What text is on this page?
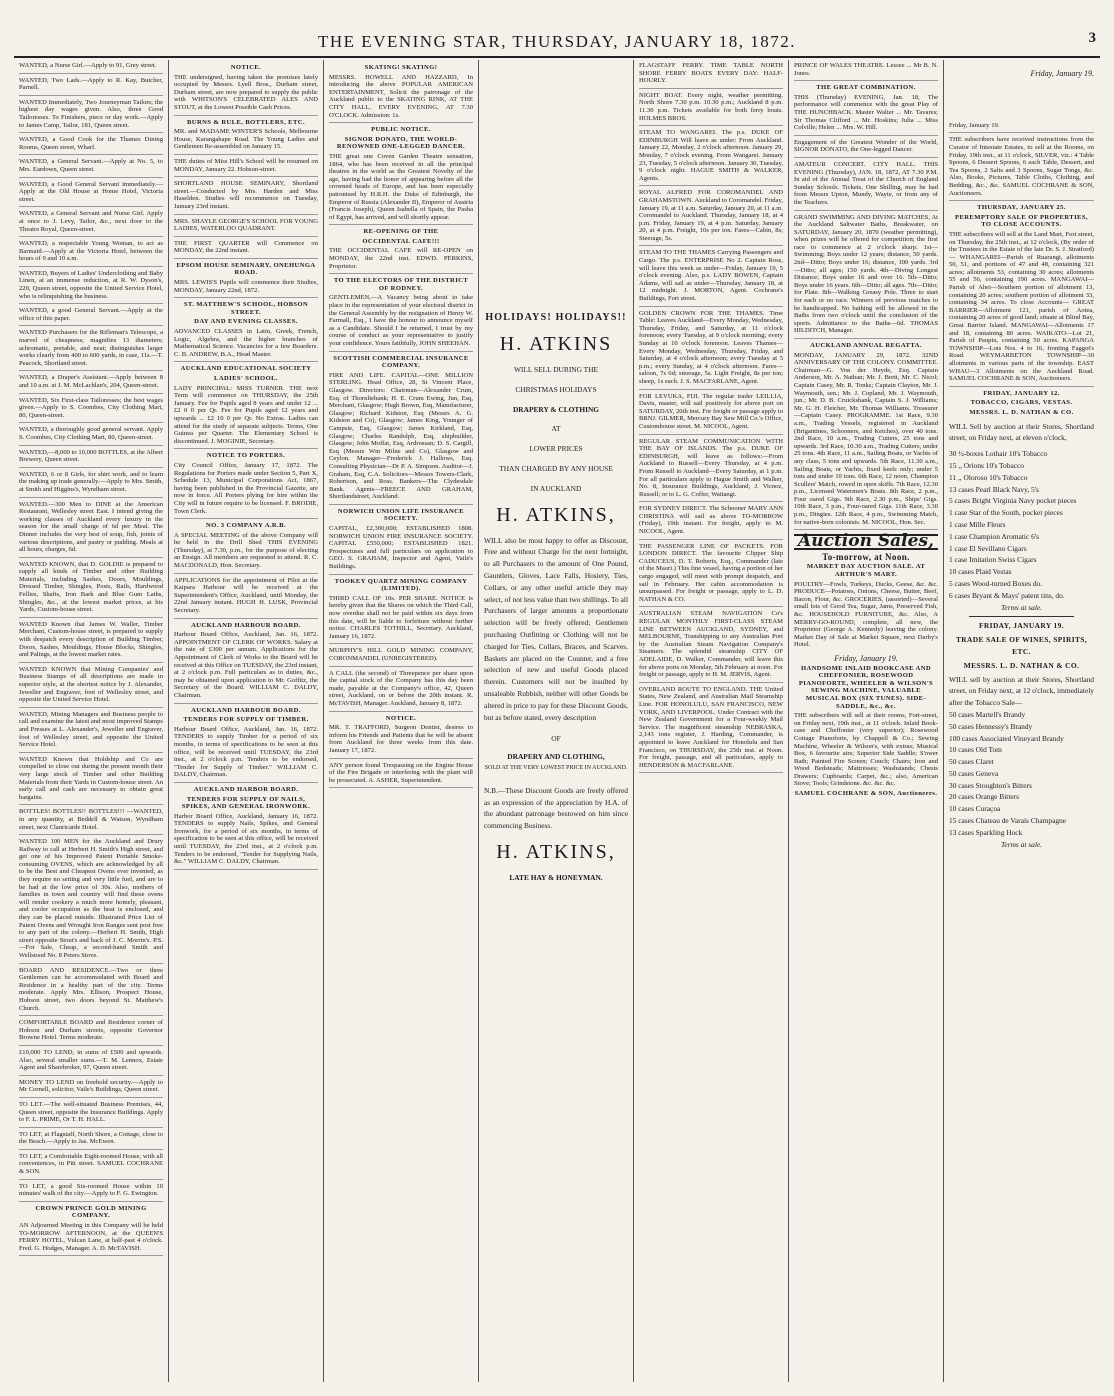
THE EVENING STAR, THURSDAY, JANUARY 18, 1872.	3
WANTED, a Nurse Girl.—Apply to 91, Grey street.
WANTED, Two Lads.—Apply to R. Kay, Butcher, Parnell.
WANTED Immediately, Two Journeyman Tailors; the highest day wages given. Also, three Good Tailoresses. To Finishers, piece or day work.—Apply to James Camp, Tailor, 181, Queen street.
WANTED, a Good Cook for the Thames Dining Rooms, Queen street, Wharf.
WANTED, a General Servant.—Apply at No. 5, to Mrs. Eardown, Queen street.
WANTED, a Good General Servant immediately.—Apply at the Old House at Home Hotel, Victoria street.
WANTED, a General Servant and Nurse Girl. Apply at once to J. Levy, Tailor, &c., next door to the Theatre Royal, Queen-street.
WANTED, a respectable Young Woman, to act as Barmaid.—Apply at the Victoria Hotel, between the hours of 9 and 10 a.m.
WANTED, Buyers of Ladies' Underclothing and Baby Linen, at an immense reduction, at R. W. Dyson's, 220, Queen street, opposite the United Service Hotel, who is relinquishing the business.
WANTED, a good General Servant.—Apply at the office of this paper.
WANTED Purchasers for the Rifleman's Telescope, a marvel of cheapness; magnifies 13 diameters; achromatic, portable, and neat; distinguishes larger works clearly from 400 to 600 yards, in case, 11s.—T. Peacock, Shortland street.
WANTED, a Draper's Assistant.—Apply between 8 and 10 a.m. at J. M. McLachlan's, 204, Queen-street.
WANTED, Six First-class Tailoresses; the best wages given.—Apply to S. Coombes, City Clothing Mart, 80, Queen-street.
WANTED, a thoroughly good general servant. Apply S. Coombes, City Clothing Mart, 80, Queen-street.
WANTED,—8,000 to 10,000 BOTTLES, at the Albert Brewery, Queen street.
WANTED, 6 or 8 Girls, for shirt work, and to learn the making up trade generally.—Apply to Mrs. Smith, at Smith and Higgins's, Wyndham street.
WANTED.—300 Men to DINE at the American Restaurant, Wellesley street East. I intend giving the working classes of Auckland every luxury in the season for the small charge of 6d per Meal. The Dinner includes the very best of soup, fish, joints of various descriptions, and pastry or pudding. Meals at all hours, charges, 6d.
WANTED KNOWN, that D. GOLDIE is prepared to supply all kinds of Timber and other Building Materials, including Sashes, Doors, Mouldings, Dressed Timber, Shingles, Posts, Rails, Hardwood Fellies, Shafts, Iron Bark and Blue Gum Laths, Shingles, &c., at the lowest market prices, at his Yards, Custom-house street.
WANTED Known that James W. Waller, Timber Merchant, Custom-house street, is prepared to supply with despatch every description of Building Timber, Doors, Sashes, Mouldings, House Blocks, Shingles, and Palings, at the lowest market rates.
WANTED KNOWN that Mining Companies' and Business Stamps of all descriptions are made in superior style, at the shortest notice by J. Alexander, Jeweller and Engraver, foot of Wellesley street, and opposite the United Service Hotel.
WANTED, Mining Managers and Business people to call and examine the latest and most improved Stamps and Presses at L. Alexander's, Jeweller and Engraver, foot of Wellesley street, and opposite the United Service Hotel.
WANTED Known that Holdship and Co are compelled to close out during the present month their very large stock of Timber and other Building Materials from their Yards in Custom-house street. An early call and cash are necessary to obtain great bargains.
BOTTLES! BOTTLES!! BOTTLES!!! —WANTED, in any quantity, at Beddell & Watson, Wyndham street, next Clanricarde Hotel.
WANTED 100 MEN for the Auckland and Drury Railway to call at Herbert H. Smith's High street, and get one of his Improved Patent Portable Smoke-consuming OVENS, which are acknowledged by all to be the Best and Cheapest Ovens ever invented, as they require no setting and very little fuel, and are to be had at the low price of 30s. Also, mothers of families in town and country will find these ovens will render cookery a much more homely, pleasant, and cooler occupation as the heat is enclosed, and they can be placed outside. Illustrated Price List of Patent Ovens and Wrought Iron Ranges sent post free to any part of the colony.—Herbert H. Smith, High street opposite Stout's and back of J. C. Morrin's. P.S.—For Sale, Cheap, a second-hand Smith and Wellstood No. 8 Peters Stove.
BOARD AND RESIDENCE.—Two or three Gentlemen can be accommodated with Board and Residence in a healthy part of the city. Terms moderate. Apply Mrs. Ellison, Prospect House, Hobson street, two doors beyond St. Matthew's Church.
COMFORTABLE BOARD and Residence corner of Hobson and Durham streets, opposite Governor Browne Hotel. Terms moderate.
£10,000 TO LEND, in sums of £500 and upwards. Also, several smaller sums.—T. M. Lennox, Estate Agent and Sharebroker, 97, Queen street.
MONEY TO LEND on freehold security.—Apply to Mr Cornell, solicitor, Vaile's Buildings, Queen street.
TO LET.—The well-situated Business Premises, 44, Queen street, opposite the Insurance Buildings. Apply to F. L. PRIME, Or T. H. HALL.
TO LET, at Flagstaff, North Shore, a Cottage, close to the Beach.—Apply to Jas. McEwen.
TO LET, a Comfortable Eight-roomed House, with all conveniences, in Pitt street. SAMUEL COCHRANE & SON.
TO LET, a good Six-roomed House within 10 minutes' walk of the city.—Apply to F. G. Ewington.
CROWN PRINCE GOLD MINING COMPANY.
AN Adjourned Meeting in this Company will be held TO-MORROW AFTERNOON, at the QUEEN'S FERRY HOTEL, Vulcan Lane, at half-past 4 o'clock. Fred. G. Hodges, Manager. A. D. McTAVISH.
NOTICE.
THE undersigned, having taken the premises lately occupied by Messrs. Lyell Bros., Durham street, Durham street, are now prepared to supply the public with WHITSON'S CELEBRATED ALES AND STOUT, at the Lowest Possible Cash Prices.
BURNS & RULE, BOTTLERS, ETC.
MR. and MADAME WINTER'S Schools, Melbourne House, Karangahape Road. The Young Ladies and Gentlemen Re-assembled on January 15.
THE duties of Miss Hill's School will be resumed on MONDAY, January 22. Hobson-street.
SHORTLAND HOUSE SEMINARY, Shortland street.—Conducted by Mrs. Harden and Miss Haselden. Studies will recommence on Tuesday, January 23rd instant.
MRS. SHAYLE GEORGE'S SCHOOL FOR YOUNG LADIES, WATERLOO QUADRANT.
THE FIRST QUARTER will Commence on MONDAY, the 22nd instant.
EPSOM HOUSE SEMINARY, ONEHUNGA ROAD.
MRS. LEWIS'S Pupils will commence their Studies, MONDAY, January 22nd, 1872.
ST. MATTHEW'S SCHOOL, HOBSON STREET.
DAY AND EVENING CLASSES.
ADVANCED CLASSES in Latin, Greek, French, Logic, Algebra, and the higher branches of Mathematical Science. Vacancies for a few Boarders. C. B. ANDREW, B.A., Head Master.
AUCKLAND EDUCATIONAL SOCIETY
LADIES' SCHOOL.
LADY PRINCIPAL: MISS TURNER. THE next Term will commence on THURSDAY, the 25th January. Fee for Pupils aged 8 years and under 12 ... £2 0 0 per Qr. Fee for Pupils aged 12 years and upwards ... £2 10 0 per Qr. No Extras. Ladies can attend for the study of separate subjects. Terms, One Guinea per Quarter. The Elementary School is discontinued. J. MOGINIE, Secretary.
NOTICE TO PORTERS.
City Council Office, January 17, 1872. The Regulations for Porters made under Section 5, Part X, Schedule 13, Municipal Corporations Act, 1867, having been published in the Provincial Gazette, are now in force. All Porters plying for hire within the City will in future require to be licensed. F. BRODIE, Town Clerk.
NO. 3 COMPANY A.R.B.
A SPECIAL MEETING of the above Company will be held in the Drill Shed THIS EVENING (Thursday), at 7.30, p.m., for the purpose of electing an Ensign. All members are requested to attend. R. C. MACDONALD, Hon. Secretary.
APPLICATIONS for the appointment of Pilot at the Kaipara Harbour will be received at the Superintendent's Office, Auckland, until Monday, the 22nd January instant. HUGH H. LUSK, Provincial Secretary.
AUCKLAND HARBOUR BOARD.
Harbour Board Office, Auckland, Jan. 16, 1872. APPOINTMENT OF CLERK OF WORKS. Salary at the rate of £300 per annum. Applications for the Appointment of Clerk of Works to the Board will be received at this Office on TUESDAY, the 23rd instant, at 2 o'clock p.m. Full particulars as to duties, &c., may be obtained upon application to Mr. Goffitz, the Secretary of the Board. WILLIAM C. DALDY, Chairman.
AUCKLAND HARBOUR BOARD.
TENDERS FOR SUPPLY OF TIMBER.
Harbour Board Office, Auckland, Jan. 16, 1872. TENDERS to supply Timber for a period of six months, in terms of specifications to be seen at this office, will be received until TUESDAY, the 23rd inst., at 2 o'clock p.m. Tenders to be endorsed, "Tender for Supply of Timber." WILLIAM C. DALDY, Chairman.
AUCKLAND HARBOR BOARD.
TENDERS FOR SUPPLY OF NAILS, SPIKES, AND GENERAL IRONWORK.
Harbor Board Office, Auckland, January 16, 1872. TENDERS to supply Nails, Spikes, and General Ironwork, for a period of six months, in terms of specification to be seen at this office, will be received until TUESDAY, the 23rd inst., at 2 o'clock p.m. Tenders to be endorsed, "Tender for Supplying Nails, &c." WILLIAM C. DALDY, Chairman.
SKATING! SKATING!
MESSRS. HOWELL AND HAZZARD, In introducing the above POPULAR AMERICAN ENTERTAINMENT, Solicit the patronage of the Auckland public to the SKATING RINK, AT THE CITY HALL, EVERY EVENING, AT 7.30 O'CLOCK. Admission: 1s.
PUBLIC NOTICE.
SIGNOR DONATO, THE WORLD-RENOWNED ONE-LEGGED DANCER.
THE great one Coven Garden Theatre sensation, 1864, who has been received in all the principal theatres in the world as the Greatest Novelty of the age, having had the honor of appearing before all the crowned heads of Europe, and has been especially patronised by H.R.H. the Duke of Edinburgh, the Emperor of Russia (Alexander II), Emperor of Austria (Francis Joseph), Queen Isabella of Spain, the Pasha of Egypt, has arrived, and will shortly appear.
RE-OPENING OF THE
OCCIDENTAL CAFE!!!
THE OCCIDENTAL CAFE will RE-OPEN on MONDAY, the 22nd inst. EDWD. PERKINS, Proprietor.
TO THE ELECTORS OF THE DISTRICT OF RODNEY.
GENTLEMEN,—A Vacancy being about to take place in the representation of your electoral district in the General Assembly by the resignation of Henry W. Farmall, Esq., I have the honour to announce myself as a Candidate. Should I be returned, I trust by my course of conduct as your representative to justify your confidence. Yours faithfully, JOHN SHEEHAN.
SCOTTISH COMMERCIAL INSURANCE COMPANY.
FIRE AND LIFE. CAPITAL—ONE MILLION STERLING. Head Office, 28, St Vincent Place, Glasgow. Directors: Chairman—Alexander Crum, Esq. of Thornliebank; H. E. Crum Ewing, Jun, Esq, Merchant, Glasgow; Hugh Brown, Esq, Manufacturer, Glasgow; Richard Kidston, Esq (Messrs A. G. Kidston and Co), Glasgow; James King, Younger of Campsie, Esq, Glasgow; James Kirkland, Esq, Glasgow; Charles Randolph, Esq, shipbuilder, Glasgow; John Moffat, Esq, Ardrossan; D. S. Cargill, Esq (Messrs Wm Milne and Co), Glasgow and Ceylon. Manager—Frederick J. Hallows, Esq. Consulting Physician—Dr P. A. Simpson. Auditor—J. Graham, Esq, C.A. Solicitors—Messrs Towers-Clark, Robertson, and Ross. Bankers—The Clydesdale Bank. Agents—FREECE AND GRAHAM, Shortlandstreet, Auckland.
NORWICH UNION LIFE INSURANCE SOCIETY.
CAPITAL, £2,300,000; ESTABLISHED 1808. NORWICH UNION FIRE INSURANCE SOCIETY. CAPITAL £550,000; ESTABLISHED 1821. Prospectuses and full particulars on application to GEO. S. GRAHAM, Inspector and Agent, Vaile's Buildings.
TOOKEY QUARTZ MINING COMPANY (LIMITED).
THIRD CALL OF 10s. PER SHARE. NOTICE is hereby given that the Shares on which the Third Call, now overdue shall not be paid within six days from this date, will be liable to forfeiture without further notice. CHARLES TOTHILL, Secretary. Auckland, January 16, 1872.
MURPHY'S HILL GOLD MINING COMPANY, CORONMANDEL (UNREGISTERED).
A CALL (the second) of Threepence per share upon the capital stock of the Company has this day been made, payable at the Company's office, 42, Queen street, Auckland, on or before the 20th instant. R. McTAVISH, Manager. Auckland, January 8, 1872.
NOTICE.
MR. T. TRAFFORD, Surgeon Dentist, desires to inform his Friends and Patients that he will be absent from Auckland for three weeks from this date. January 17, 1872.
ANY person found Trespassing on the Engine House of the Fire Brigade or interfering with the plant will be prosecuted. A. ASHER, Superintendent.
HOLIDAYS! HOLIDAYS!!
H. ATKINS
WILL SELL DURING THE
CHRISTMAS HOLIDAYS
DRAPERY & CLOTHING
AT
LOWER PRICES
THAN CHARGED BY ANY HOUSE
IN AUCKLAND
H. ATKINS,

WILL also be most happy to offer as Discount, Free and without Charge for the next fortnight, to all Purchasers to the amount of One Pound, Gauntlets, Gloves, Lace Falls, Hosiery, Ties, Collars, or any other useful article they may select, of not less value than two shillings. To all Purchasers of larger amounts a proportionate selection will be freely offered; Gentlemen purchasing Outfitting or Clothing will not be charged for Ties, Collars, Braces, and Scarves. Baskets are placed on the Counter, and a free selection of new and useful Goods placed therein. Customers will not be insulted by unsaleable Rubbish, neither will other Goods be altered in price to pay for these Discount Goods, but as before stated, every description

OF
DRAPERY AND CLOTHING,
SOLD AT THE VERY LOWEST PRICE IN AUCKLAND.

N.B.—These Discount Goods are freely offered as an expression of the appreciation by H.A. of the abundant patronage bestowed on him since commencing Business.

H. ATKINS,
LATE HAY & HONEYMAN.
FLAGSTAFF FERRY. TIME TABLE NORTH SHORE FERRY BOATS EVERY DAY: HALF-HOURLY.
NIGHT BOAT. Every night, weather permitting. North Shore 7.30 p.m. 10.30 p.m.; Auckland 8 p.m. 11.30 p.m. Tickets available for both ferry boats. HOLMES BROS.
STEAM TO WANGAREI. The p.s. DUKE OF EDINBURGH Will leave as under: From Auckland. January 22, Monday, 2 o'clock afternoon. January 29, Monday, 7 o'clock evening. From Wangarei. January 23, Tuesday, 5 o'clock afternoon. January 30, Tuesday, 9 o'clock night. HAGUE SMITH & WALKER, Agents.
ROYAL ALFRED FOR COROMANDEL AND GRAHAMSTOWN. Auckland to Coromandel. Friday, January 19, at 11 a.m. Saturday, January 20, at 11 a.m. Coromandel to Auckland. Thursday, January 18, at 4 p.m. Friday, January 19, at 4 p.m. Saturday, January 20, at 4 p.m. Freight, 10s per ton. Fares—Cabin, 8s; Steerage, 5s.
STEAM TO THE THAMES Carrying Passengers and Cargo. The p.s. ENTERPRISE No 2. Captain Ross, will leave this week as under—Friday, January 19, 5 o'clock evening. Also, p.s. LADY BOWEN, Captain Adams, will sail as under—Thursday, January 18, at 12 midnight. J. MORTON, Agent. Cochrane's Buildings, Fort street.
GOLDEN CROWN FOR THE THAMES. Time Table: Leaves Auckland—Every Monday, Wednesday, Thursday, Friday, and Saturday, at 11 o'clock forenoon; every Tuesday, at 9 o'clock morning; every Sunday at 10 o'clock forenoon. Leaves Thames—Every Monday, Wednesday, Thursday, Friday, and Saturday, at 4 o'clock afternoon; every Tuesday at 5 p.m.; every Sunday, at 4 o'clock afternoon. Fares—saloon, 7s 6d; steerage, 5s. Light Freight, 8s per ton; sheep, 1s each. J. S. MACFARLANE, Agent.
FOR LEVUKA, FIJI. The regular trader LEILLIA, Davis, master, will sail positively for above port on SATURDAY, 20th inst. For freight or passage apply to BRNJ. GILMER, Mercury Bay Saw Mill Co.'s Office, Customhouse street. M. NICOOL, Agent.
REGULAR STEAM COMMUNICATION WITH THE BAY OF ISLANDS. The p.s. DUKE OF EDINBURGH, will leave as follows:—From Auckland to Russell—Every Thursday, at 4 p.m. From Russell to Auckland—Every Saturday, at 1 p.m. For all particulars apply to Hague Smith and Walker, No. 8, Insurance Buildings, Auckland; J. Vicnoz, Russell; or to L. G. Coffer, Waitangi.
FOR SYDNEY DIRECT. The Schooner MARY ANN CHRISTINA will sail as above TO-MORROW (Friday), 19th instant. For freight, apply to M. NICOOL, Agent.
THE PASSENGER LINE OF PACKETS. FOR LONDON DIRECT. The favourite Clipper Ship CADUCEUS, D. T. Roberts, Esq., Commander (late of the Maori.) This fine vessel, having a portion of her cargo engaged, will meet with prompt despatch, and sail in February. Her cabin accommodation is unsurpassed. For freight or passage, apply to L. D. NATHAN & CO.
AUSTRALIAN STEAM NAVIGATION Co's REGULAR MONTHLY FIRST-CLASS STEAM LINE BETWEEN AUCKLAND, SYDNEY, and MELBOURNE, Transhipping to any Australian Port by the Australian Steam Navigation Company's Steamers. The splendid steamship CITY OF ADELAIDE, D. Walker, Commander, will leave this for above ports on Monday, 5th February at noon. For freight or passage, apply to H. M. JERVIS, Agent.
OVERLAND ROUTE TO ENGLAND. THE United States, New Zealand, and Australian Mail Steamship Line. FOR HONOLULU, SAN FRANCISCO, NEW YORK, AND LIVERPOOL. Under Contract with the New Zealand Government for a Four-weekly Mail Service. The magnificent steamship NEBRASKA, 2,143 tons register, J. Harding, Commander, is appointed to leave Auckland for Honolulu and San Francisco, on THURSDAY, the 25th inst. at Noon. For freight, passage, and all particulars, apply to HENDERSON & MACFARLANE.
PRINCE OF WALES THEATRE. Lessee ... Mr B. N. Jones.
THE GREAT COMBINATION.
THIS (Thursday) EVENING, Jan. 18, The performance will commence with the great Play of THE HUNCHBACK. Master Walter ... Mr. Tavares; Sir Thomas Clifford ... Mr. Hoskins; Julia ... Miss Colville; Helen ... Mrs. W. Hill.
Engagement of the Greatest Wonder of the World, SIGNOR DONATO, the One-legged Dancer.
AMATEUR CONCERT. CITY HALL. THIS EVENING (Thursday), JAN. 18, 1872, AT 7.30 P.M. In aid of the Annual Treat of the Church of England Sunday Schools. Tickets, One Shilling, may be had from Messrs Upton, Mundy, Wayte, or from any of the Teachers.
GRAND SWIMMING AND DIVING MATCHES, At the Auckland Saltwater Baths, Breakwater, on SATURDAY, January 20, 1870 (weather permitting), when prizes will be offered for competition; the first race to commence at 2 o'clock sharp. 1st—Swimming; Boys under 12 years; distance, 50 yards. 2nd—Ditto; Boys under 16; distance, 100 yards. 3rd—Ditto; all ages; 150 yards. 4th—Diving Longest Distance; Boys under 16 and over 16. 5th—Ditto; Boys under 16 years. 6th—Ditto; all ages. 7th—Ditto; for Plate. 8th—Walking Greasy Pole. Three to start for each or no race. Winners of previous matches to be handicapped. No bathing will be allowed in the Baths from two o'clock until the conclusion of the sports. Admittance to the Baths—6d. THOMAS HILDITCH, Manager.
AUCKLAND ANNUAL REGATTA.
MONDAY, JANUARY 29, 1872. 32ND ANNIVERSARY OF THE COLONY. COMMITTEE. Chairman—G. Von der Heyde, Esq. Captain Anderson, Mr. A. Nathan; Mr. J. Brett, Mr. C. Nicol; Captain Casey, Mr. R. Tonks; Captain Clayton, Mr. J. Waymouth, sen.; Mr. J. Copland, Mr. J. Waymouth, jun.; Mr. D. B. Cruickshank, Captain S. J. Williams; Mr. G. H. Fletcher, Mr. Thomas Williams. Treasurer—Captain Casey. PROGRAMME. 1st Race, 9.30 a.m., Trading Vessels, registered in Auckland (Brigantines, Schooners, and Ketches), over 40 tons. 2nd Race, 10 a.m., Trading Cutters, 25 tons and upwards. 3rd Race, 10.30 a.m., Trading Cutters, under 25 tons. 4th Race, 11 a.m., Sailing Boats, or Yachts of any class, 5 tons and upwards. 5th Race, 11.30 a.m., Sailing Boats, or Yachts, fixed keels only; under 5 tons and under 10 tons. 6th Race, 12 noon, Champion Scullers' Match, rowed in open skiffs. 7th Race, 12.30 p.m., Licensed Watermen's Boats. 8th Race, 2 p.m., Four oared Gigs. 9th Race, 2.30 p.m., Ships' Gigs. 10th Race, 3 p.m., Four-oared Gigs. 11th Race, 3.30 p.m., Dingies. 12th Race, 4 p.m., Swimming Match, for native-born colonists. M. NICOOL, Hon. Sec.
Auction Sales,
To-morrow, at Noon.
MARKET DAY AUCTION SALE. AT ARTHUR'S MART.

POULTRY—Fowls, Turkeys, Ducks, Geese, &c. &c. PRODUCE—Potatoes, Onions, Cheese, Butter, Beef, Bacon, Flour, &c. GROCERIES, (assorted)—Several small lots of Good Tea, Sugar, Jams, Preserved Fish, &c. HOUSEHOLD FURNITURE, &c. Also, A MERRY-GO-ROUND, complete, all new, the Proprietor (George A. Kennedy) leaving the colony. Market Day of Sale at Market Square, next Darby's Hotel.

Friday, January 19.
HANDSOME INLAID BOOKCASE AND CHEFFONIER, ROSEWOOD PIANOFORTE, WHEELER & WILSON'S SEWING MACHINE, VALUABLE MUSICAL BOX (SIX TUNES). SIDE-SADDLE, &c., &c.

THE subscribers will sell at their rooms, Fort-street, on Friday next, 19th inst., at 11 o'clock. Inlaid Book-case and Cheffonier (very superior); Rosewood Cottage Pianoforte, by Chappell & Co.; Sewing Machine, Wheeler & Wilson's, with extras; Musical Box, 6 favourite airs; Superior Side Saddle; S'ower Bath; Painted Fire Screen; Couch; Chairs; Iron and Wood Bedsteads; Mattresses; Washstands; Chests Drawers; Cupboards; Carpet, &c.; also, American Stove; Tools; Grindstone. &c. &c. &c.

SAMUEL COCHRANE & SON, Auctioneers.
Friday, January 19.
Friday, January 19.
THE subscribers have received instructions from the Curator of Intestate Estates, to sell at the Rooms, on Friday, 19th inst., at 11 o'clock, SILVER, viz.: 4 Table Spoons, 6 Dessert Spoons, 6 each Table, Dessert, and Tea Spoons, 2 Salts and 3 Spoons, Sugar Tongs, &c. Also, Books, Pictures, Table Cloths, Clothing, and Bedding, &c., &c. SAMUEL COCHRANE & SON, Auctioneers.
THURSDAY, JANUARY 25.
PEREMPTORY SALE OF PROPERTIES, TO CLOSE ACCOUNTS.
THE subscribers will sell at the Land Mart, Fort street, on Thursday, the 25th inst., at 12 o'clock, (By order of the Trustees in the Estate of the late Dr. S. J. Stratford)— WHANGAREI—Parish of Ruarangi, allotments 50, 51, and portions of 47 and 48, containing 321 acres; allotments 53, containing 30 acres; allotments 55 and 56, containing 190 acres. MANGAWAI—Parish of Ahei—Southern portion of allotment 13, containing 20 acres; southern portion of allotment 33, containing 34 acres. To close Accounts— GREAT BARRIER—Allotment 121, parish of Aotea, containing 20 acres of good land; situate at Blind Bay, Great Barrier Island. MANGAWAI—Allotments 17 and 18, containing 80 acres. WAIKATO—Lot 21, Parish of Paupiu, containing 50 acres. KAPANGA TOWNSHIP—Lots Nos. 4 to 16, fronting Faggot's Road. WEYMARBETON TOWNSHIP—30 allotments in various parts of the township. EAST WHAU—3 Allotments on the Auckland Road. SAMUEL COCHRANE & SON, Auctioneers.
FRIDAY, JANUARY 12.
TOBACCO, CIGARS, VESTAS.
MESSRS. L. D. NATHAN & CO.

WILL Sell by auction at their Stores, Shortland street, on Friday next, at eleven o'clock,

30 ½-boxes Lothair 10's Tobacco
15 ,, Orions 10's Tobacco
11 ,, Oloroso 10's Tobacco
13 cases Pearl Black Navy, 5's
5 cases Bright Virginia Navy pocket pieces
1 case Star of the South, pocket pieces
1 case Mille Fleurs
1 case Champion Aromatic 6's
1 case El Sevillano Cigars
1 case Imitation Swiss Cigars
10 cases Plaid Vestas
5 cases Wood-turned Boxes do.
6 cases Bryant & Mays' patent tins, do.
Terms at sale.
FRIDAY, JANUARY 19.
TRADE SALE OF WINES, SPIRITS, ETC.
MESSRS. L. D. NATHAN & CO.

WILL sell by auction at their Stores, Shortland street, on Friday next, at 12 o'clock, immediately after the Tobacco Sale—

50 cases Martell's Brandy
50 cases Hennessy's Brandy
100 cases Associated Vineyard Brandy
10 cases Old Tom
50 cases Claret
50 cases Geneva
30 cases Stoughton's Bitters
20 cases Orange Bitters
10 cases Curaçoa
15 cases Chateau de Varais Champagne
13 cases Sparkling Hock
Terms at sale.
